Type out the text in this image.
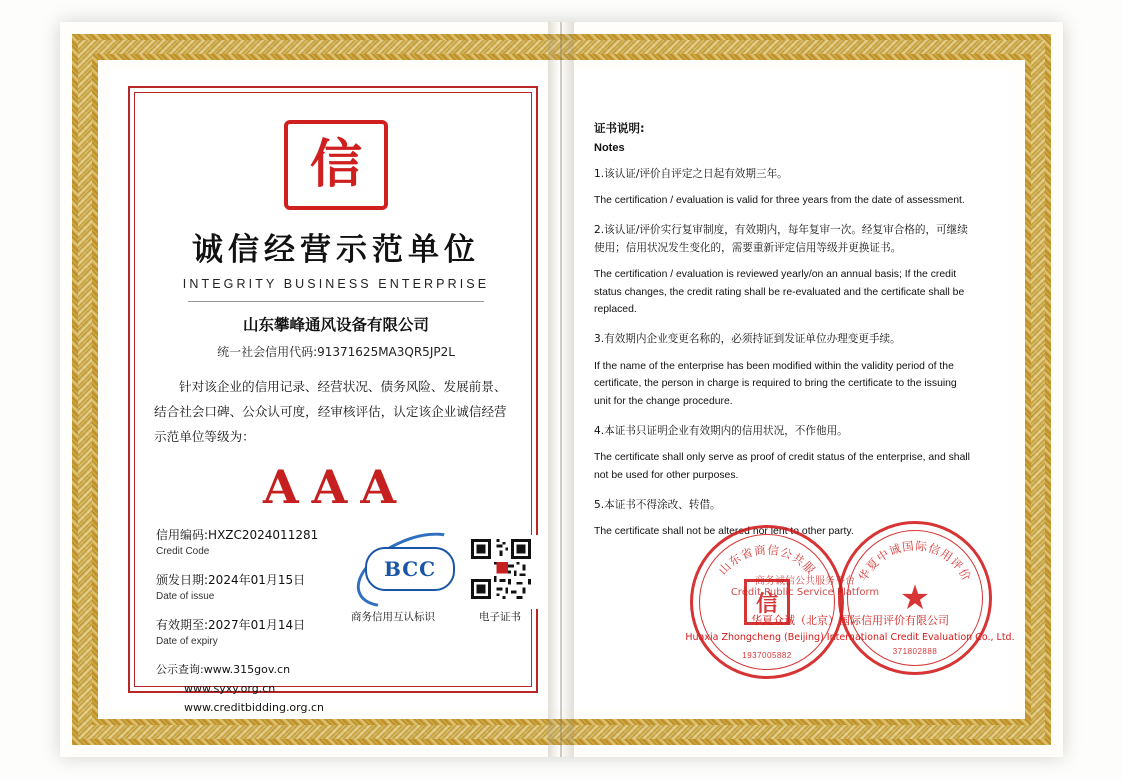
信
诚信经营示范单位
INTEGRITY BUSINESS ENTERPRISE
山东攀峰通风设备有限公司
统一社会信用代码:91371625MA3QR5JP2L
针对该企业的信用记录、经营状况、债务风险、发展前景、结合社会口碑、公众认可度，经审核评估，认定该企业诚信经营示范单位等级为：
AAA
信用编码:HXZC2024011281
Credit Code
颁发日期:2024年01月15日
Date of issue
有效期至:2027年01月14日
Date of expiry
公示查询:www.315gov.cn
www.syxy.org.cn
www.creditbidding.org.cn
BCC
商务信用互认标识	电子证书
证书说明:
Notes
1.该认证/评价自评定之日起有效期三年。
The certification / evaluation is valid for three years from the date of assessment.
2.该认证/评价实行复审制度，有效期内，每年复审一次。经复审合格的，可继续使用；信用状况发生变化的，需要重新评定信用等级并更换证书。
The certification / evaluation is reviewed yearly/on an annual basis; If the credit status changes, the credit rating shall be re-evaluated and the certificate shall be replaced.
3.有效期内企业变更名称的，必须持证到发证单位办理变更手续。
If the name of the enterprise has been modified within the validity period of the certificate, the person in charge is required to bring the certificate to the issuing unit for the change procedure.
4.本证书只证明企业有效期内的信用状况，不作他用。
The certificate shall only serve as proof of credit status of the enterprise, and shall not be used for other purposes.
5.本证书不得涂改、转借。
The certificate shall not be altered nor lent to other party.
山东省商信公共服
信
1937005882
华夏中诚国际信用评价
★
371802888
商务诚信公共服务平台
Credit Public Service Platform
华夏众诚（北京）国际信用评价有限公司
Huaxia Zhongcheng (Beijing) International Credit Evaluation Co., Ltd.
